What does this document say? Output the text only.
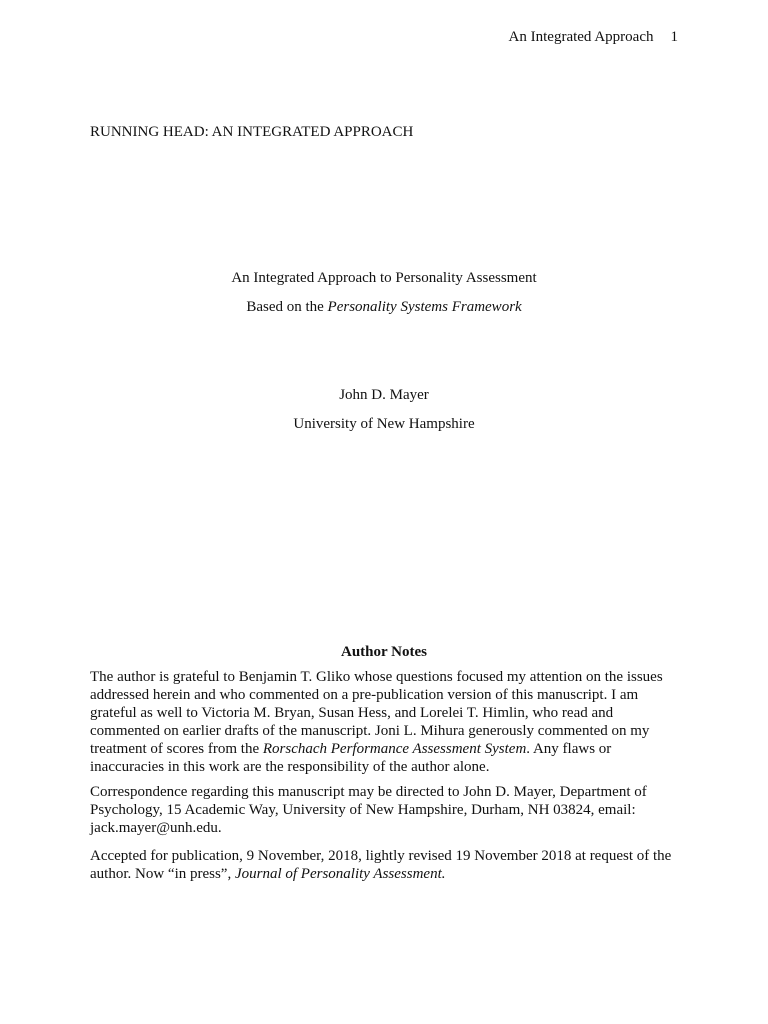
An Integrated Approach 1
RUNNING HEAD: AN INTEGRATED APPROACH
An Integrated Approach to Personality Assessment
Based on the Personality Systems Framework
John D. Mayer
University of New Hampshire
Author Notes
The author is grateful to Benjamin T. Gliko whose questions focused my attention on the issues
addressed herein and who commented on a pre-publication version of this manuscript. I am
grateful as well to Victoria M. Bryan, Susan Hess, and Lorelei T. Himlin, who read and
commented on earlier drafts of the manuscript. Joni L. Mihura generously commented on my
treatment of scores from the Rorschach Performance Assessment System. Any flaws or
inaccuracies in this work are the responsibility of the author alone.
Correspondence regarding this manuscript may be directed to John D. Mayer, Department of
Psychology, 15 Academic Way, University of New Hampshire, Durham, NH 03824, email:
jack.mayer@unh.edu.
Accepted for publication, 9 November, 2018, lightly revised 19 November 2018 at request of the
author. Now “in press”, Journal of Personality Assessment.
